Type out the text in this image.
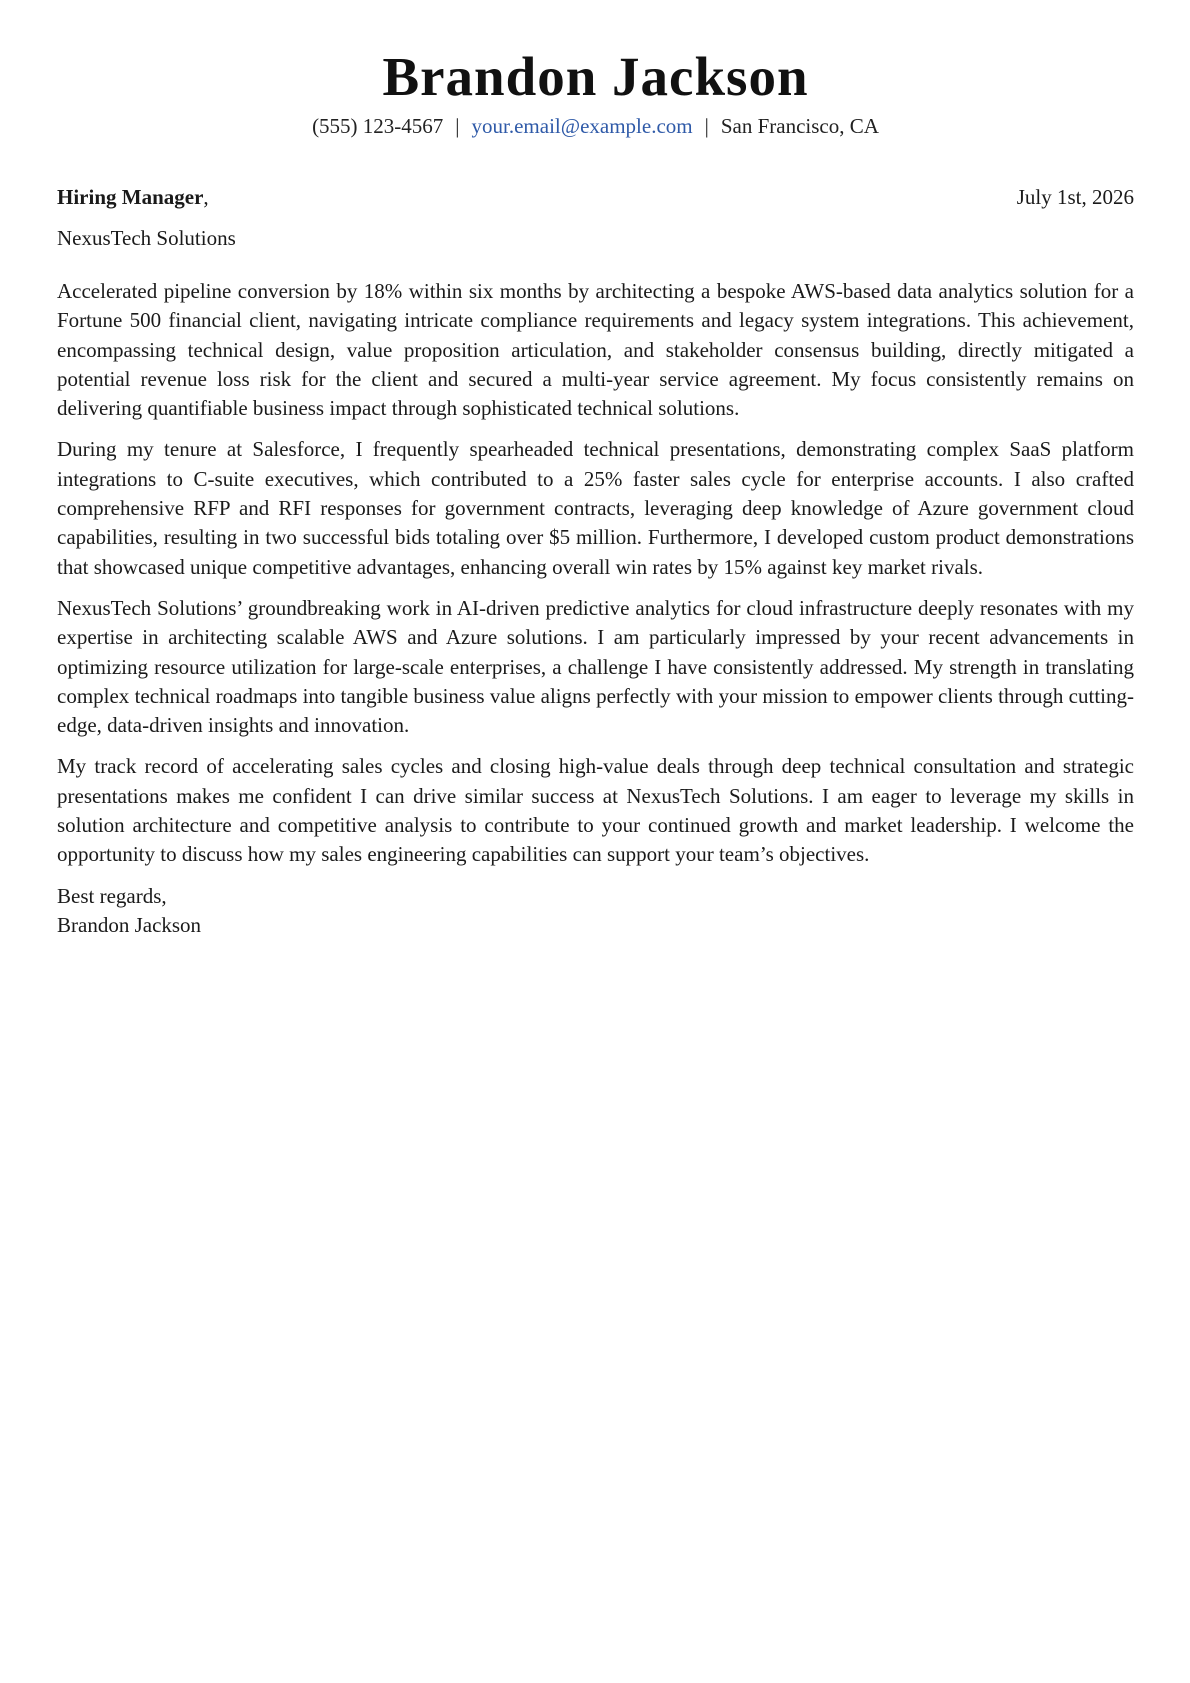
Brandon Jackson
(555) 123-4567 | your.email@example.com | San Francisco, CA
Hiring Manager,	July 1st, 2026
NexusTech Solutions

Accelerated pipeline conversion by 18% within six months by architecting a bespoke AWS-based data analytics solution for a Fortune 500 financial client, navigating intricate compliance requirements and legacy system integrations. This achievement, encompassing technical design, value proposition articulation, and stakeholder consensus building, directly mitigated a potential revenue loss risk for the client and secured a multi-year service agreement. My focus consistently remains on delivering quantifiable business impact through sophisticated technical solutions.

During my tenure at Salesforce, I frequently spearheaded technical presentations, demonstrating complex SaaS platform integrations to C-suite executives, which contributed to a 25% faster sales cycle for enterprise accounts. I also crafted comprehensive RFP and RFI responses for government contracts, leveraging deep knowledge of Azure government cloud capabilities, resulting in two successful bids totaling over $5 million. Furthermore, I developed custom product demonstrations that showcased unique competitive advantages, enhancing overall win rates by 15% against key market rivals.

NexusTech Solutions’ groundbreaking work in AI-driven predictive analytics for cloud infrastructure deeply resonates with my expertise in architecting scalable AWS and Azure solutions. I am particularly impressed by your recent advancements in optimizing resource utilization for large-scale enterprises, a challenge I have consistently addressed. My strength in translating complex technical roadmaps into tangible business value aligns perfectly with your mission to empower clients through cutting-edge, data-driven insights and innovation.

My track record of accelerating sales cycles and closing high-value deals through deep technical consultation and strategic presentations makes me confident I can drive similar success at NexusTech Solutions. I am eager to leverage my skills in solution architecture and competitive analysis to contribute to your continued growth and market leadership. I welcome the opportunity to discuss how my sales engineering capabilities can support your team’s objectives.

Best regards,
Brandon Jackson
